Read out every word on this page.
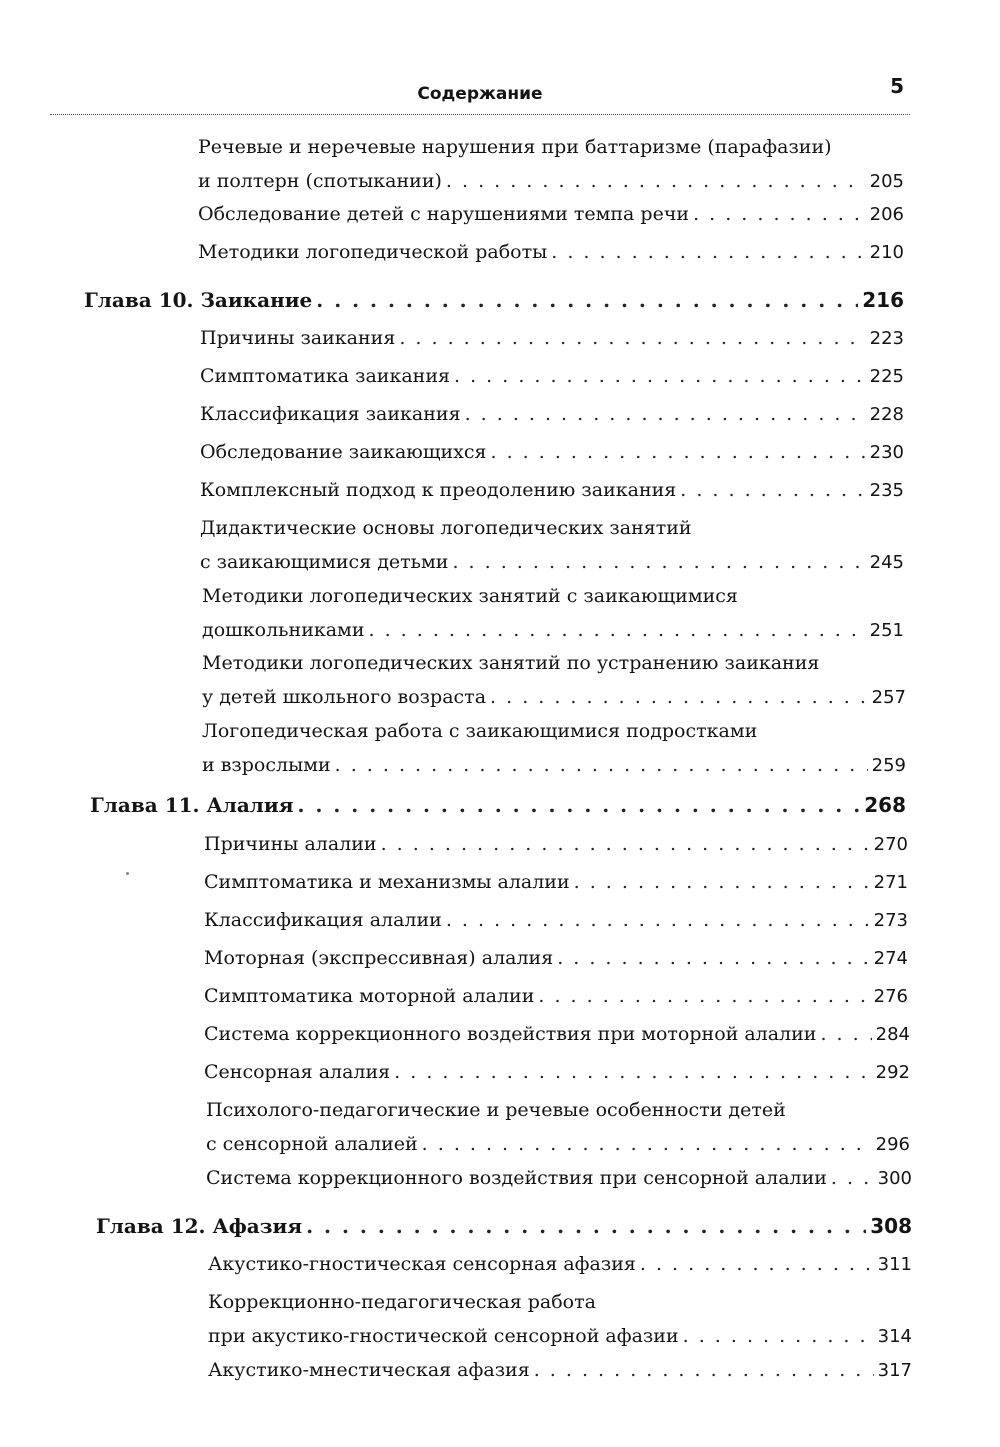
Содержание	5
Речевые и неречевые нарушения при баттаризме (парафазии)
и полтерн (спотыкании) . . .	205
Обследование детей с нарушениями темпа речи . . .	206
Методики логопедической работы . . .	210
Глава 10. Заикание . . .	216
Причины заикания . . .	223
Симптоматика заикания . . .	225
Классификация заикания . . .	228
Обследование заикающихся . . .	230
Комплексный подход к преодолению заикания . . .	235
Дидактические основы логопедических занятий
с заикающимися детьми . . .	245
Методики логопедических занятий с заикающимися
дошкольниками . . .	251
Методики логопедических занятий по устранению заикания
у детей школьного возраста . . .	257
Логопедическая работа с заикающимися подростками
и взрослыми . . .	259
Глава 11. Алалия . . .	268
Причины алалии . . .	270
Симптоматика и механизмы алалии . . .	271
Классификация алалии . . .	273
Моторная (экспрессивная) алалия . . .	274
Симптоматика моторной алалии . . .	276
Система коррекционного воздействия при моторной алалии . . .	284
Сенсорная алалия . . .	292
Психолого-педагогические и речевые особенности детей
с сенсорной алалией . . .	296
Система коррекционного воздействия при сенсорной алалии . . .	300
Глава 12. Афазия . . .	308
Акустико-гностическая сенсорная афазия . . .	311
Коррекционно-педагогическая работа
при акустико-гностической сенсорной афазии . . .	314
Акустико-мнестическая афазия . . .	317
